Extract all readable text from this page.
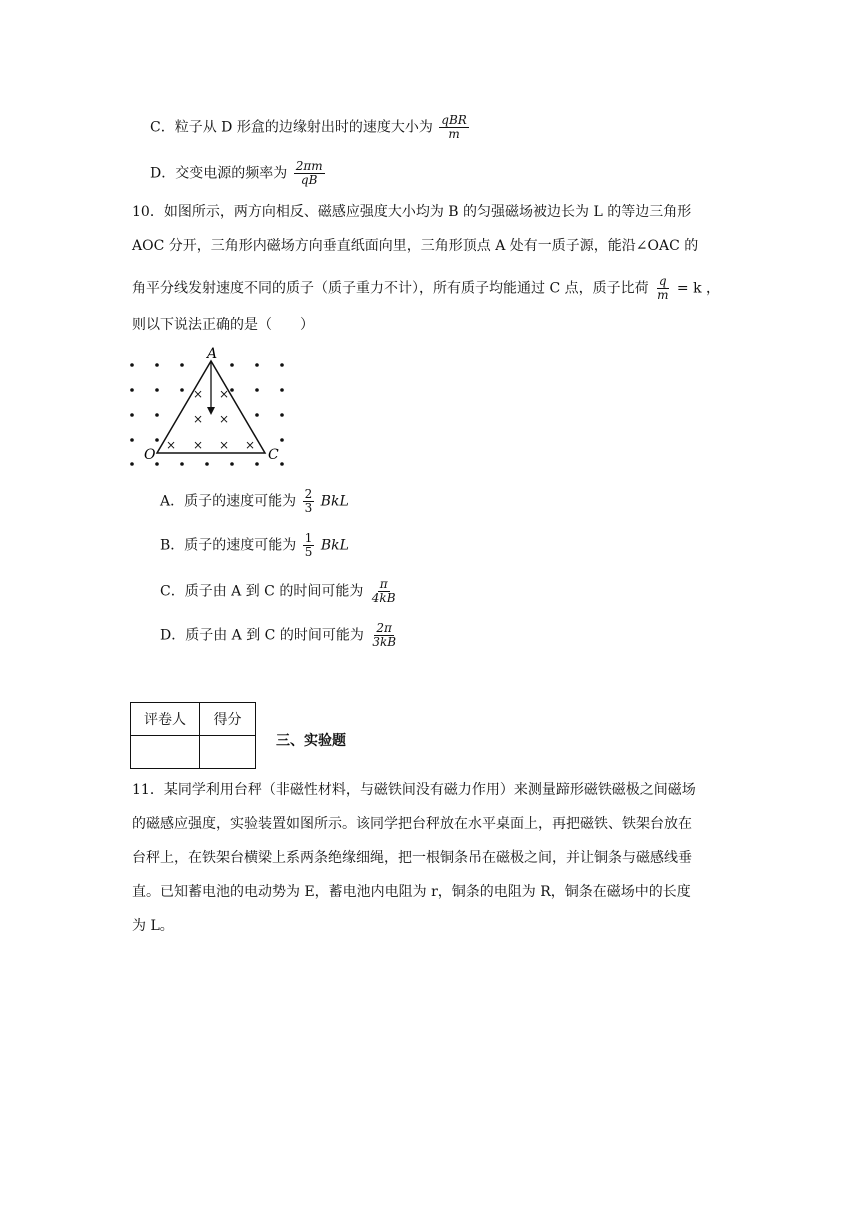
C．粒子从 D 形盒的边缘射出时的速度大小为 $\frac{\text{qBR}}{m}$
D．交变电源的频率为 $\frac{2\pi m}{qB}$
10．如图所示，两方向相反、磁感应强度大小均为 B 的匀强磁场被边长为 L 的等边三角形
AOC 分开，三角形内磁场方向垂直纸面向里，三角形顶点 A 处有一质子源，能沿∠OAC 的
角平分线发射速度不同的质子（质子重力不计），所有质子均能通过 C 点，质子比荷 $\frac{q}{m} = k$ ，
则以下说法正确的是（　　）
× ×
× ×
× × × ×
A
O	C
A．质子的速度可能为 $\frac{2}{3}$ BkL
B．质子的速度可能为 $\frac{1}{5}$ BkL
C．质子由 A 到 C 的时间可能为 $\frac{\pi}{4kB}$
D．质子由 A 到 C 的时间可能为 $\frac{2\pi}{3kB}$
评卷人	得分

三、实验题
11．某同学利用台秤（非磁性材料，与磁铁间没有磁力作用）来测量蹄形磁铁磁极之间磁场
的磁感应强度，实验装置如图所示。该同学把台秤放在水平桌面上，再把磁铁、铁架台放在
台秤上，在铁架台横梁上系两条绝缘细绳，把一根铜条吊在磁极之间，并让铜条与磁感线垂
直。已知蓄电池的电动势为 E，蓄电池内电阻为 r，铜条的电阻为 R，铜条在磁场中的长度
为 L。
